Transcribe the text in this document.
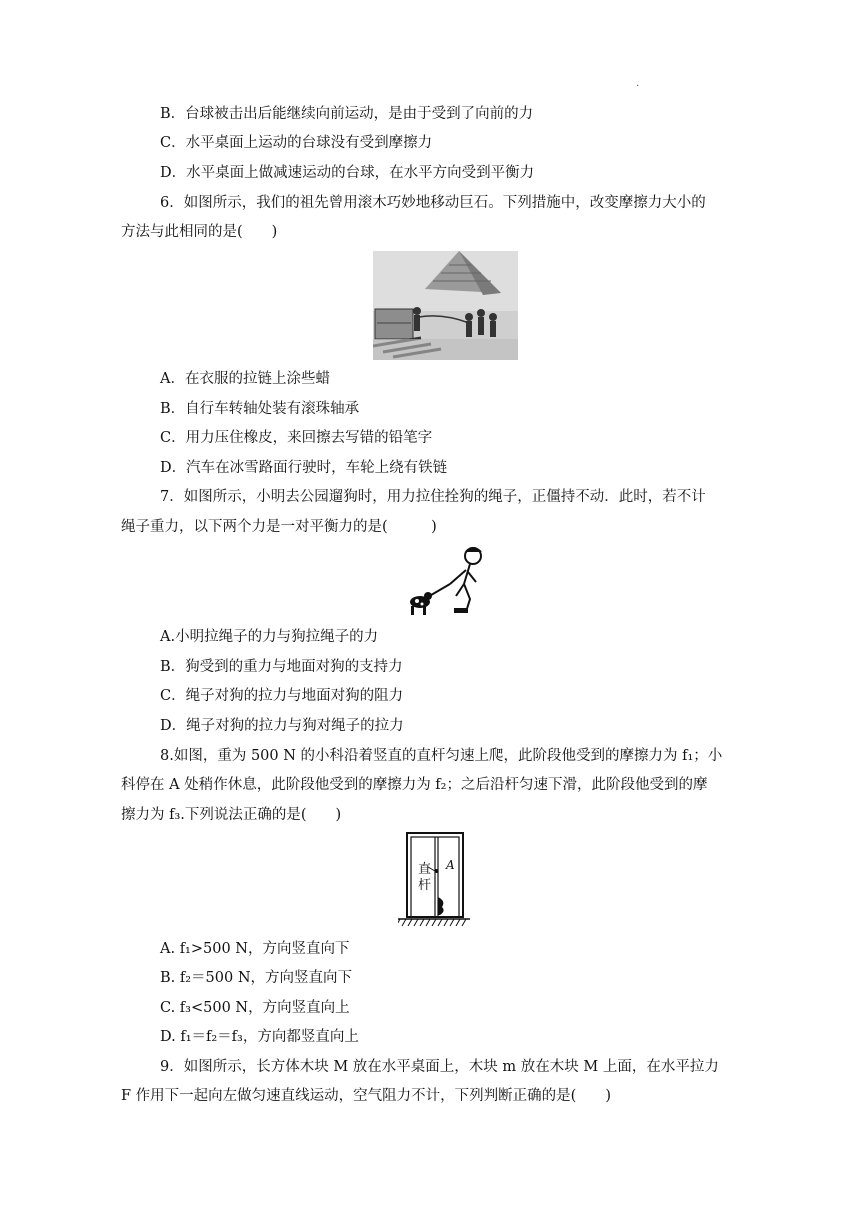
.
B．台球被击出后能继续向前运动，是由于受到了向前的力
C．水平桌面上运动的台球没有受到摩擦力
D．水平桌面上做减速运动的台球，在水平方向受到平衡力
6．如图所示，我们的祖先曾用滚木巧妙地移动巨石。下列措施中，改变摩擦力大小的
方法与此相同的是(　　)
A．在衣服的拉链上涂些蜡
B．自行车转轴处装有滚珠轴承
C．用力压住橡皮，来回擦去写错的铅笔字
D．汽车在冰雪路面行驶时，车轮上绕有铁链
7．如图所示，小明去公园遛狗时，用力拉住拴狗的绳子，正僵持不动．此时，若不计
绳子重力，以下两个力是一对平衡力的是(　　　)
A.小明拉绳子的力与狗拉绳子的力
B．狗受到的重力与地面对狗的支持力
C．绳子对狗的拉力与地面对狗的阻力
D．绳子对狗的拉力与狗对绳子的拉力
8.如图，重为 500 N 的小科沿着竖直的直杆匀速上爬，此阶段他受到的摩擦力为 f₁；小
科停在 A 处稍作休息，此阶段他受到的摩擦力为 f₂；之后沿杆匀速下滑，此阶段他受到的摩
擦力为 f₃.下列说法正确的是(　　)
直
杆
A
A. f₁>500 N，方向竖直向下
B. f₂＝500 N，方向竖直向下
C. f₃<500 N，方向竖直向上
D. f₁＝f₂＝f₃，方向都竖直向上
9．如图所示，长方体木块 M 放在水平桌面上，木块 m 放在木块 M 上面，在水平拉力
F 作用下一起向左做匀速直线运动，空气阻力不计，下列判断正确的是(　　)
